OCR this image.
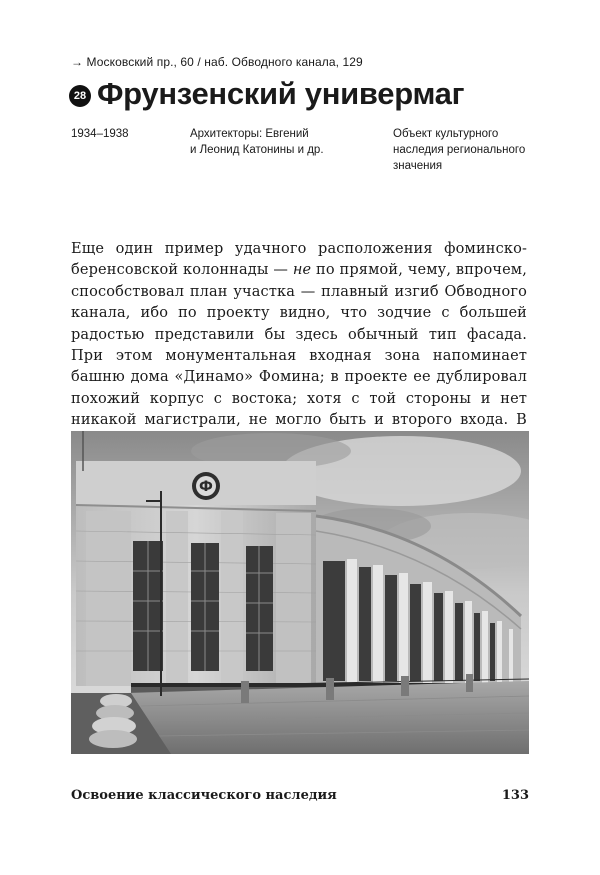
→ Московский пр., 60 / наб. Обводного канала, 129
28 Фрунзенский универмаг
1934–1938	Архитекторы: Евгений
и Леонид Катонины и др.
Объект культурного
наследия регионального
значения

Еще один пример удачного расположения фоминско-беренсовской колоннады — не по прямой, чему, впрочем, способствовал план участка — плавный изгиб Обводного канала, ибо по проекту видно, что зодчие с большей радостью представили бы здесь обычный тип фасада. При этом монументальная входная зона напоминает башню дома «Динамо» Фомина; в проекте ее дублировал похожий корпус с востока; хотя с той стороны и нет никакой магистрали, не могло быть и второго входа. В

Ф
Освоение классического наследия	133
